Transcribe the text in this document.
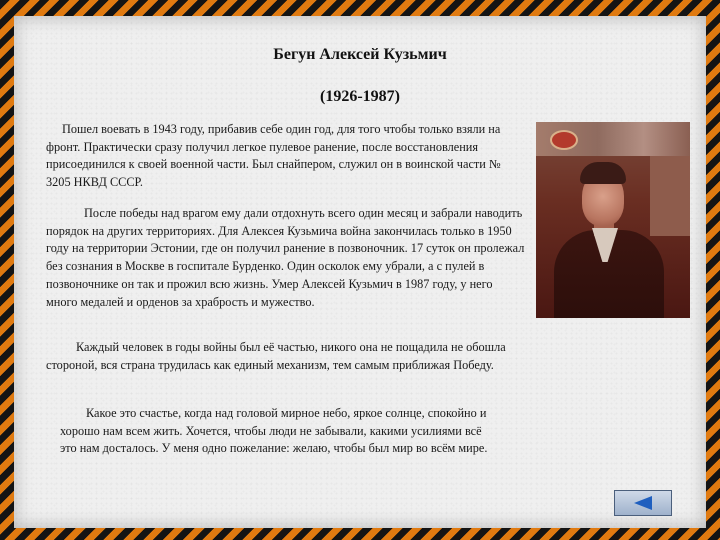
Бегун Алексей Кузьмич
(1926-1987)

Пошел воевать в 1943 году, прибавив себе один год, для того чтобы только взяли на фронт. Практически сразу получил легкое пулевое ранение, после восстановления присоединился к своей военной части. Был снайпером, служил он в воинской части № 3205 НКВД СССР.

После победы над врагом ему дали отдохнуть всего один месяц и забрали наводить порядок на других территориях. Для Алексея Кузьмича война закончилась только в 1950 году на территории Эстонии, где он получил ранение в позвоночник. 17 суток он пролежал без сознания в Москве в госпитале Бурденко. Один осколок ему убрали, а с пулей в позвоночнике он так и прожил всю жизнь. Умер Алексей Кузьмич в 1987 году, у него много медалей и орденов за храбрость и мужество.

Каждый человек в годы войны был её частью, никого она не пощадила не обошла стороной, вся страна трудилась как единый механизм, тем самым приближая Победу.

Какое это счастье, когда над головой мирное небо, яркое солнце, спокойно и хорошо нам всем жить. Хочется, чтобы люди не забывали, какими усилиями всё это нам досталось. У меня одно пожелание: желаю, чтобы был мир во всём мире.
